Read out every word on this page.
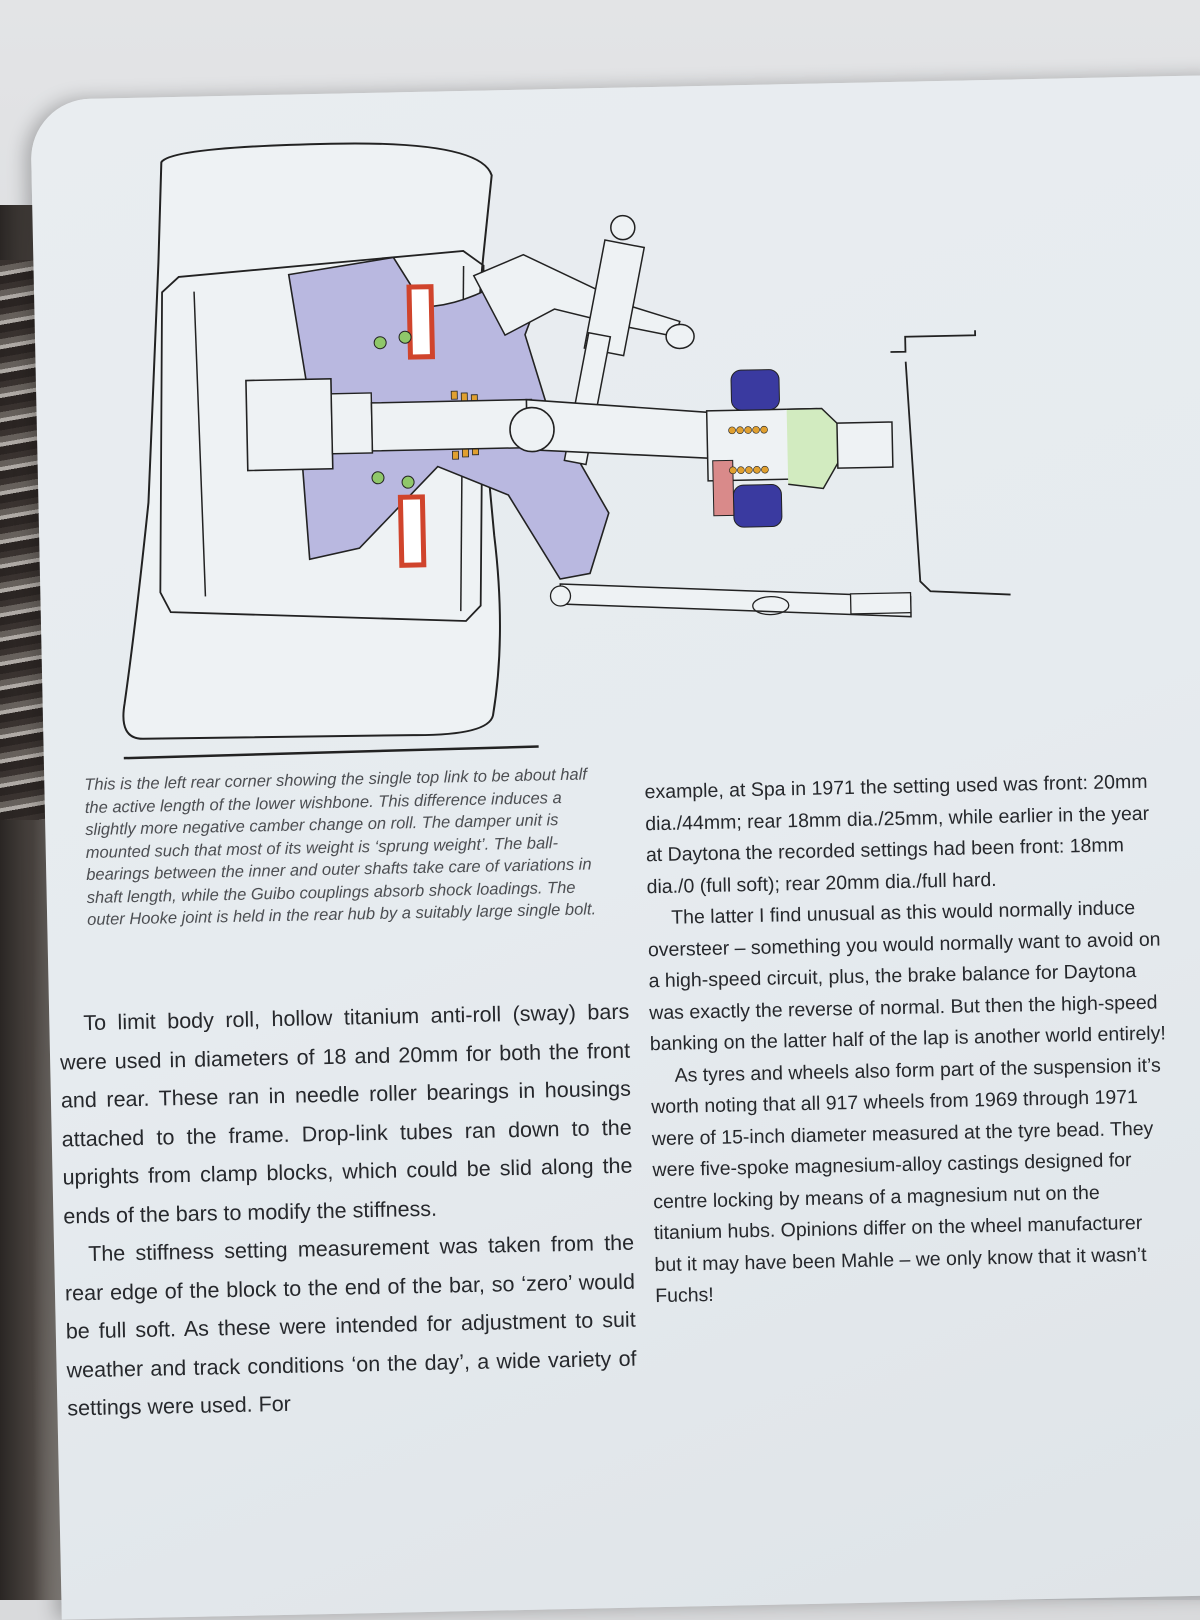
This is the left rear corner showing the single top link to be about half the active length of the lower wishbone. This difference induces a slightly more negative camber change on roll. The damper unit is mounted such that most of its weight is ‘sprung weight’. The ball-bearings between the inner and outer shafts take care of variations in shaft length, while the Guibo couplings absorb shock loadings. The outer Hooke joint is held in the rear hub by a suitably large single bolt.

To limit body roll, hollow titanium anti-roll (sway) bars were used in diameters of 18 and 20mm for both the front and rear. These ran in needle roller bearings in housings attached to the frame. Drop-link tubes ran down to the uprights from clamp blocks, which could be slid along the ends of the bars to modify the stiffness.

The stiffness setting measurement was taken from the rear edge of the block to the end of the bar, so ‘zero’ would be full soft. As these were intended for adjustment to suit weather and track conditions ‘on the day’, a wide variety of settings were used. For

example, at Spa in 1971 the setting used was front: 20mm dia./44mm; rear 18mm dia./25mm, while earlier in the year at Daytona the recorded settings had been front: 18mm dia./0 (full soft); rear 20mm dia./full hard.

The latter I find unusual as this would normally induce oversteer – something you would normally want to avoid on a high-speed circuit, plus, the brake balance for Daytona was exactly the reverse of normal. But then the high-speed banking on the latter half of the lap is another world entirely!

As tyres and wheels also form part of the suspension it’s worth noting that all 917 wheels from 1969 through 1971 were of 15-inch diameter measured at the tyre bead. They were five-spoke magnesium-alloy castings designed for centre locking by means of a magnesium nut on the titanium hubs. Opinions differ on the wheel manufacturer but it may have been Mahle – we only know that it wasn’t Fuchs!
